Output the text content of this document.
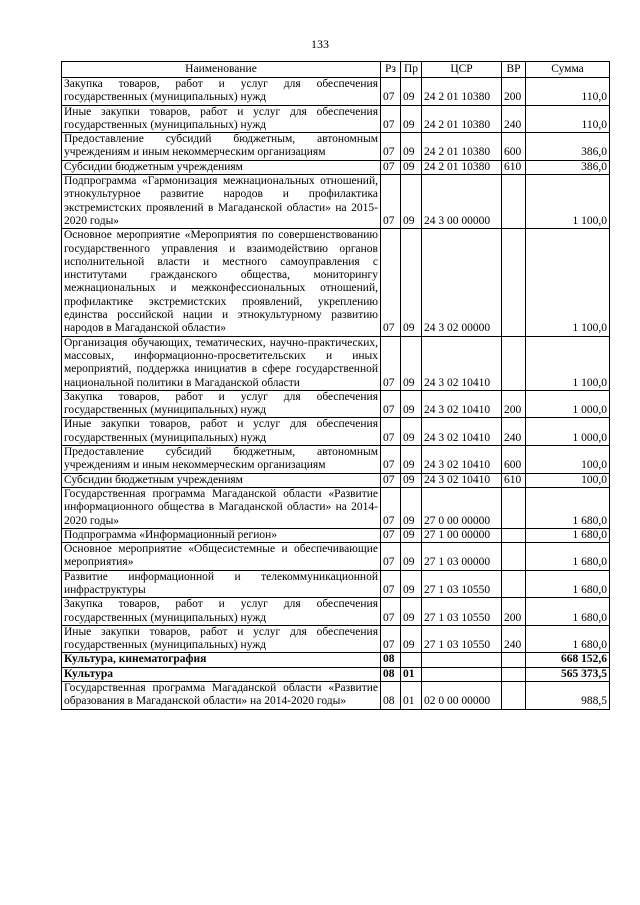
133
Наименование	Рз	Пр	ЦСР	ВР	Сумма
Закупка товаров, работ и услуг для обеспечения государственных (муниципальных) нужд	07	09	24 2 01 10380	200	110,0
Иные закупки товаров, работ и услуг для обеспечения государственных (муниципальных) нужд	07	09	24 2 01 10380	240	110,0
Предоставление субсидий бюджетным, автономным учреждениям и иным некоммерческим организациям	07	09	24 2 01 10380	600	386,0
Субсидии бюджетным учреждениям	07	09	24 2 01 10380	610	386,0
Подпрограмма «Гармонизация межнациональных отношений, этнокультурное развитие народов и профилактика экстремистских проявлений в Магаданской области» на 2015-2020 годы»	07	09	24 3 00 00000		1 100,0
Основное мероприятие «Мероприятия по совершенствованию государственного управления и взаимодействию органов исполнительной власти и местного самоуправления с институтами гражданского общества, мониторингу межнациональных и межконфессиональных отношений, профилактике экстремистских проявлений, укреплению единства российской нации и этнокультурному развитию народов в Магаданской области»	07	09	24 3 02 00000		1 100,0
Организация обучающих, тематических, научно-практических, массовых, информационно-просветительских и иных мероприятий, поддержка инициатив в сфере государственной национальной политики в Магаданской области	07	09	24 3 02 10410		1 100,0
Закупка товаров, работ и услуг для обеспечения государственных (муниципальных) нужд	07	09	24 3 02 10410	200	1 000,0
Иные закупки товаров, работ и услуг для обеспечения государственных (муниципальных) нужд	07	09	24 3 02 10410	240	1 000,0
Предоставление субсидий бюджетным, автономным учреждениям и иным некоммерческим организациям	07	09	24 3 02 10410	600	100,0
Субсидии бюджетным учреждениям	07	09	24 3 02 10410	610	100,0
Государственная программа Магаданской области «Развитие информационного общества в Магаданской области» на 2014-2020 годы»	07	09	27 0 00 00000		1 680,0
Подпрограмма «Информационный регион»	07	09	27 1 00 00000		1 680,0
Основное мероприятие «Общесистемные и обеспечивающие мероприятия»	07	09	27 1 03 00000		1 680,0
Развитие информационной и телекоммуникационной инфраструктуры	07	09	27 1 03 10550		1 680,0
Закупка товаров, работ и услуг для обеспечения государственных (муниципальных) нужд	07	09	27 1 03 10550	200	1 680,0
Иные закупки товаров, работ и услуг для обеспечения государственных (муниципальных) нужд	07	09	27 1 03 10550	240	1 680,0
Культура, кинематография	08				668 152,6
Культура	08	01			565 373,5
Государственная программа Магаданской области «Развитие образования в Магаданской области» на 2014-2020 годы»	08	01	02 0 00 00000		988,5
